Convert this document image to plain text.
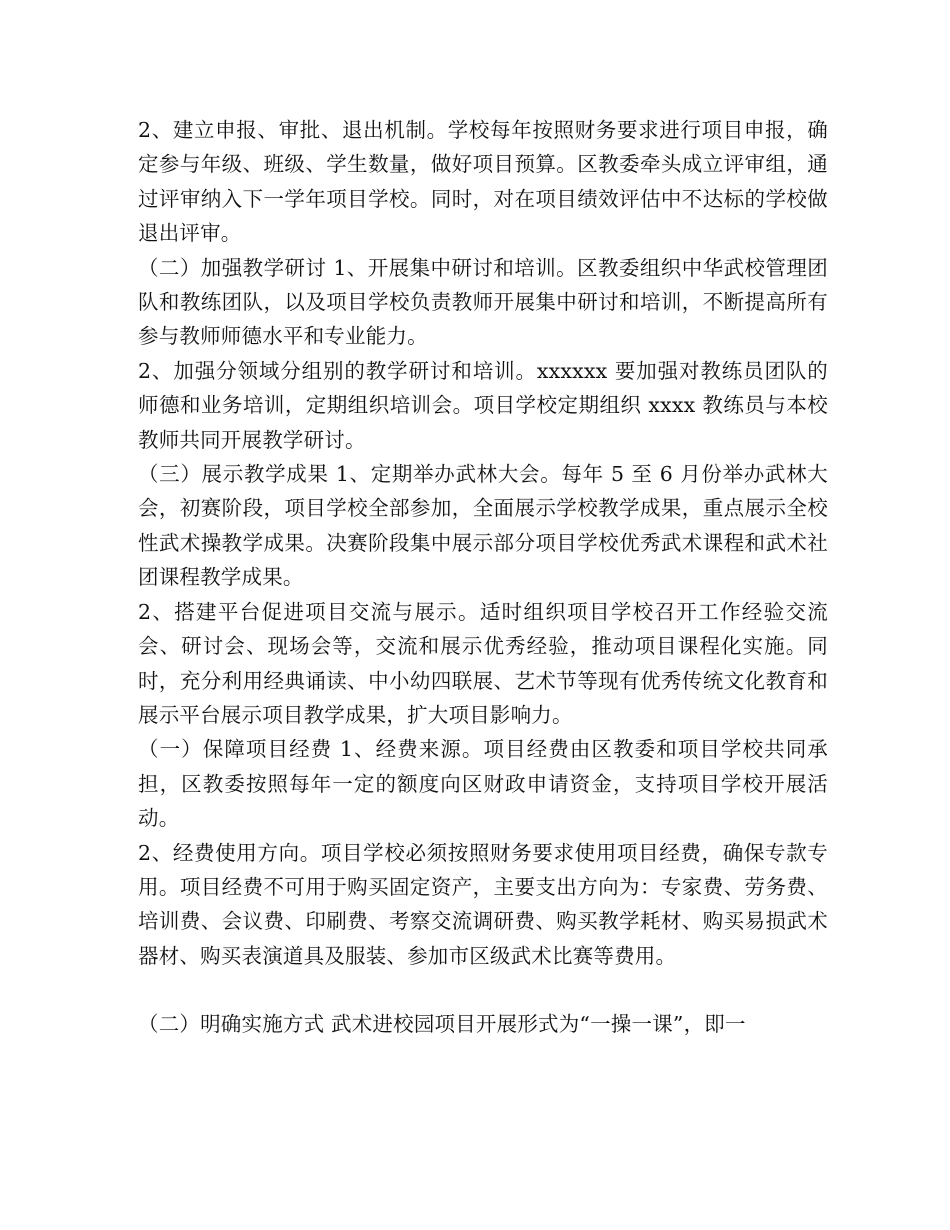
2、建立申报、审批、退出机制。学校每年按照财务要求进行项目申报，确定参与年级、班级、学生数量，做好项目预算。区教委牵头成立评审组，通过评审纳入下一学年项目学校。同时，对在项目绩效评估中不达标的学校做退出评审。

（二）加强教学研讨 1、开展集中研讨和培训。区教委组织中华武校管理团队和教练团队，以及项目学校负责教师开展集中研讨和培训，不断提高所有参与教师师德水平和专业能力。

2、加强分领域分组别的教学研讨和培训。xxxxxx 要加强对教练员团队的师德和业务培训，定期组织培训会。项目学校定期组织 xxxx 教练员与本校教师共同开展教学研讨。

（三）展示教学成果 1、定期举办武林大会。每年 5 至 6 月份举办武林大会，初赛阶段，项目学校全部参加，全面展示学校教学成果，重点展示全校性武术操教学成果。决赛阶段集中展示部分项目学校优秀武术课程和武术社团课程教学成果。

2、搭建平台促进项目交流与展示。适时组织项目学校召开工作经验交流会、研讨会、现场会等，交流和展示优秀经验，推动项目课程化实施。同时，充分利用经典诵读、中小幼四联展、艺术节等现有优秀传统文化教育和展示平台展示项目教学成果，扩大项目影响力。

（一）保障项目经费 1、经费来源。项目经费由区教委和项目学校共同承担，区教委按照每年一定的额度向区财政申请资金，支持项目学校开展活动。

2、经费使用方向。项目学校必须按照财务要求使用项目经费，确保专款专用。项目经费不可用于购买固定资产，主要支出方向为：专家费、劳务费、培训费、会议费、印刷费、考察交流调研费、购买教学耗材、购买易损武术器材、购买表演道具及服装、参加市区级武术比赛等费用。

（二）明确实施方式 武术进校园项目开展形式为“一操一课”，即一
